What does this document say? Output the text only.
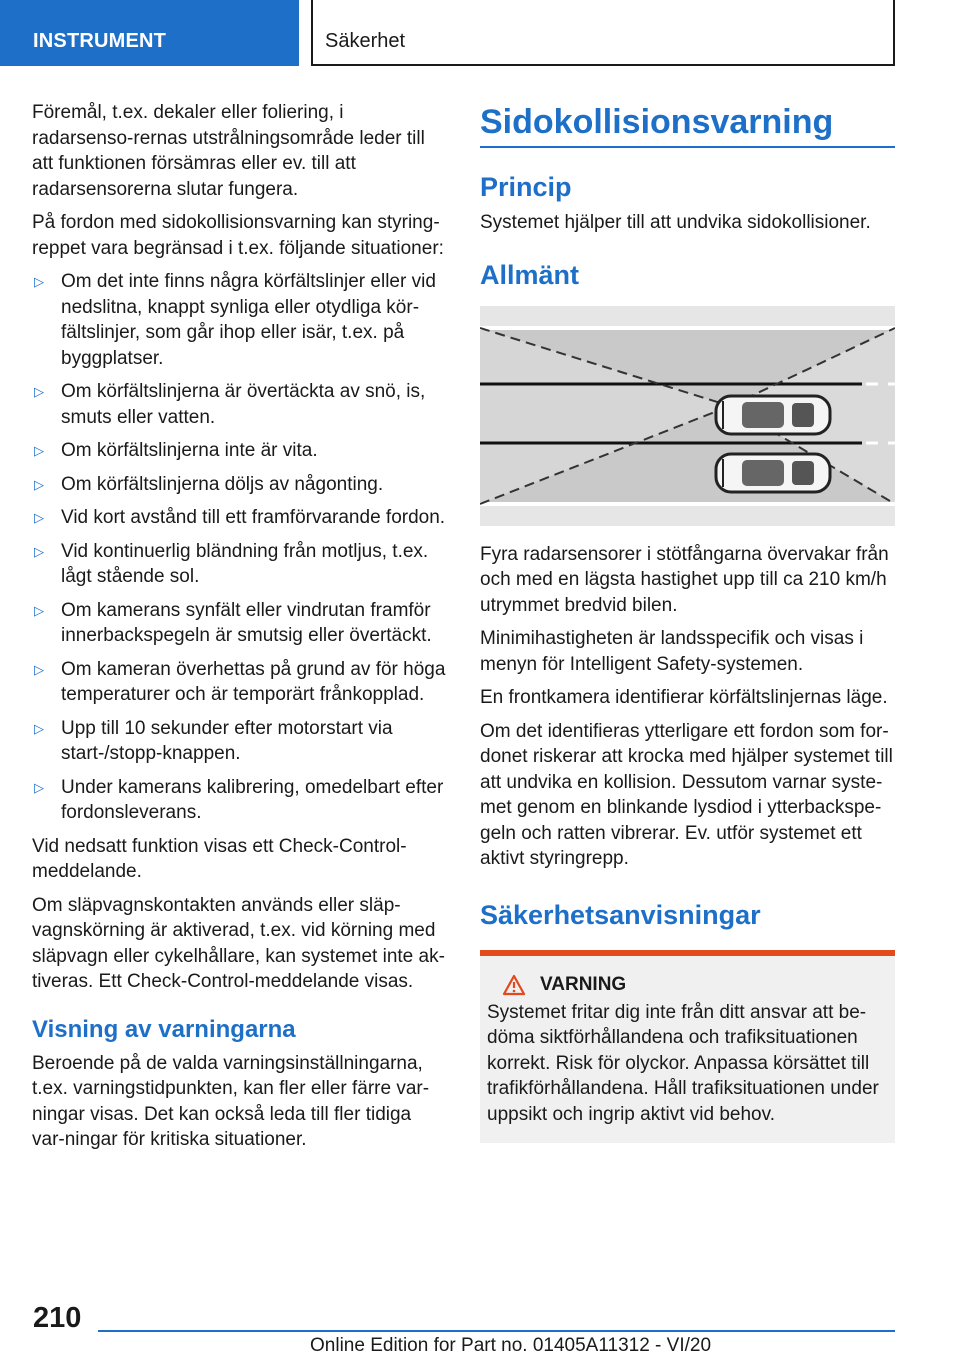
INSTRUMENT	Säkerhet

Föremål, t.ex. dekaler eller foliering, i radarsenso-rernas utstrålningsområde leder till att funktionen försämras eller ev. till att radarsensorerna slutar fungera.

På fordon med sidokollisionsvarning kan styring-reppet vara begränsad i t.ex. följande situationer:

▷ Om det inte finns några körfältslinjer eller vid nedslitna, knappt synliga eller otydliga kör-fältslinjer, som går ihop eller isär, t.ex. på byggplatser.
▷ Om körfältslinjerna är övertäckta av snö, is, smuts eller vatten.
▷ Om körfältslinjerna inte är vita.
▷ Om körfältslinjerna döljs av någonting.
▷ Vid kort avstånd till ett framförvarande fordon.
▷ Vid kontinuerlig bländning från motljus, t.ex. lågt stående sol.
▷ Om kamerans synfält eller vindrutan framför innerbackspegeln är smutsig eller övertäckt.
▷ Om kameran överhettas på grund av för höga temperaturer och är temporärt frånkopplad.
▷ Upp till 10 sekunder efter motorstart via start-/stopp-knappen.
▷ Under kamerans kalibrering, omedelbart efter fordonsleverans.

Vid nedsatt funktion visas ett Check-Control-meddelande.

Om släpvagnskontakten används eller släp-vagnskörning är aktiverad, t.ex. vid körning med släpvagn eller cykelhållare, kan systemet inte ak-tiveras. Ett Check-Control-meddelande visas.

Visning av varningarna

Beroende på de valda varningsinställningarna, t.ex. varningstidpunkten, kan fler eller färre var-ningar visas. Det kan också leda till fler tidiga var-ningar för kritiska situationer.

Sidokollisionsvarning
Princip

Systemet hjälper till att undvika sidokollisioner.

Allmänt

Fyra radarsensorer i stötfångarna övervakar från och med en lägsta hastighet upp till ca 210 km/h utrymmet bredvid bilen.

Minimihastigheten är landsspecifik och visas i menyn för Intelligent Safety-systemen.

En frontkamera identifierar körfältslinjernas läge.

Om det identifieras ytterligare ett fordon som for-donet riskerar att krocka med hjälper systemet till att undvika en kollision. Dessutom varnar syste-met genom en blinkande lysdiod i ytterbackspe-geln och ratten vibrerar. Ev. utför systemet ett aktivt styringrepp.

Säkerhetsanvisningar
VARNING

Systemet fritar dig inte från ditt ansvar att be-döma siktförhållandena och trafiksituationen korrekt. Risk för olyckor. Anpassa körsättet till trafikförhållandena. Håll trafiksituationen under uppsikt och ingrip aktivt vid behov.

210
Online Edition for Part no. 01405A11312 - VI/20
